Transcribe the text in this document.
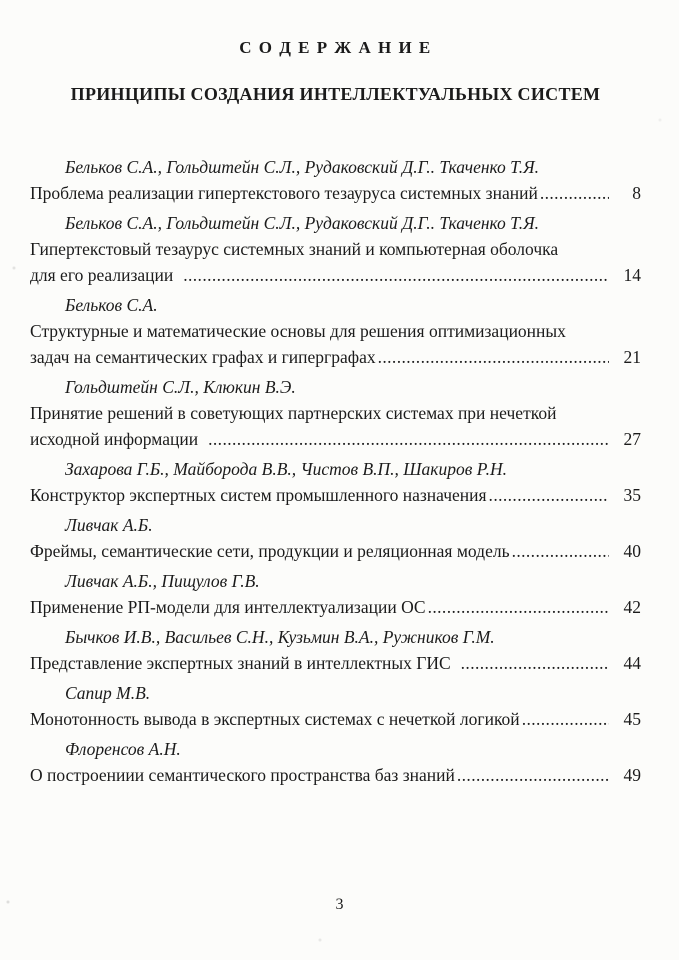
С О Д Е Р Ж А Н И Е
ПРИНЦИПЫ СОЗДАНИЯ ИНТЕЛЛЕКТУАЛЬНЫХ СИСТЕМ
Бельков С.А., Гольдштейн С.Л., Рудаковский Д.Г.. Ткаченко Т.Я.
Проблема реализации гипертекстового тезауруса системных знаний .....	8
Бельков С.А., Гольдштейн С.Л., Рудаковский Д.Г.. Ткаченко Т.Я.
Гипертекстовый тезаурус системных знаний и компьютерная оболочка
для его реализации .....	14
Бельков С.А.
Структурные и математические основы для решения оптимизационных
задач на семантических графах и гиперграфах .....	21
Гольдштейн С.Л., Клюкин В.Э.
Принятие решений в советующих партнерских системах при нечеткой
исходной информации .....	27
Захарова Г.Б., Майборода В.В., Чистов В.П., Шакиров Р.Н.
Конструктор экспертных систем промышленного назначения .....	35
Ливчак А.Б.
Фреймы, семантические сети, продукции и реляционная модель .....	40
Ливчак А.Б., Пищулов Г.В.
Применение РП-модели для интеллектуализации ОС .....	42
Бычков И.В., Васильев С.Н., Кузьмин В.А., Ружников Г.М.
Представление экспертных знаний в интеллектных ГИС .....	44
Сапир М.В.
Монотонность вывода в экспертных системах с нечеткой логикой .....	45
Флоренсов А.Н.
О построениии семантического пространства баз знаний .....	49
3
